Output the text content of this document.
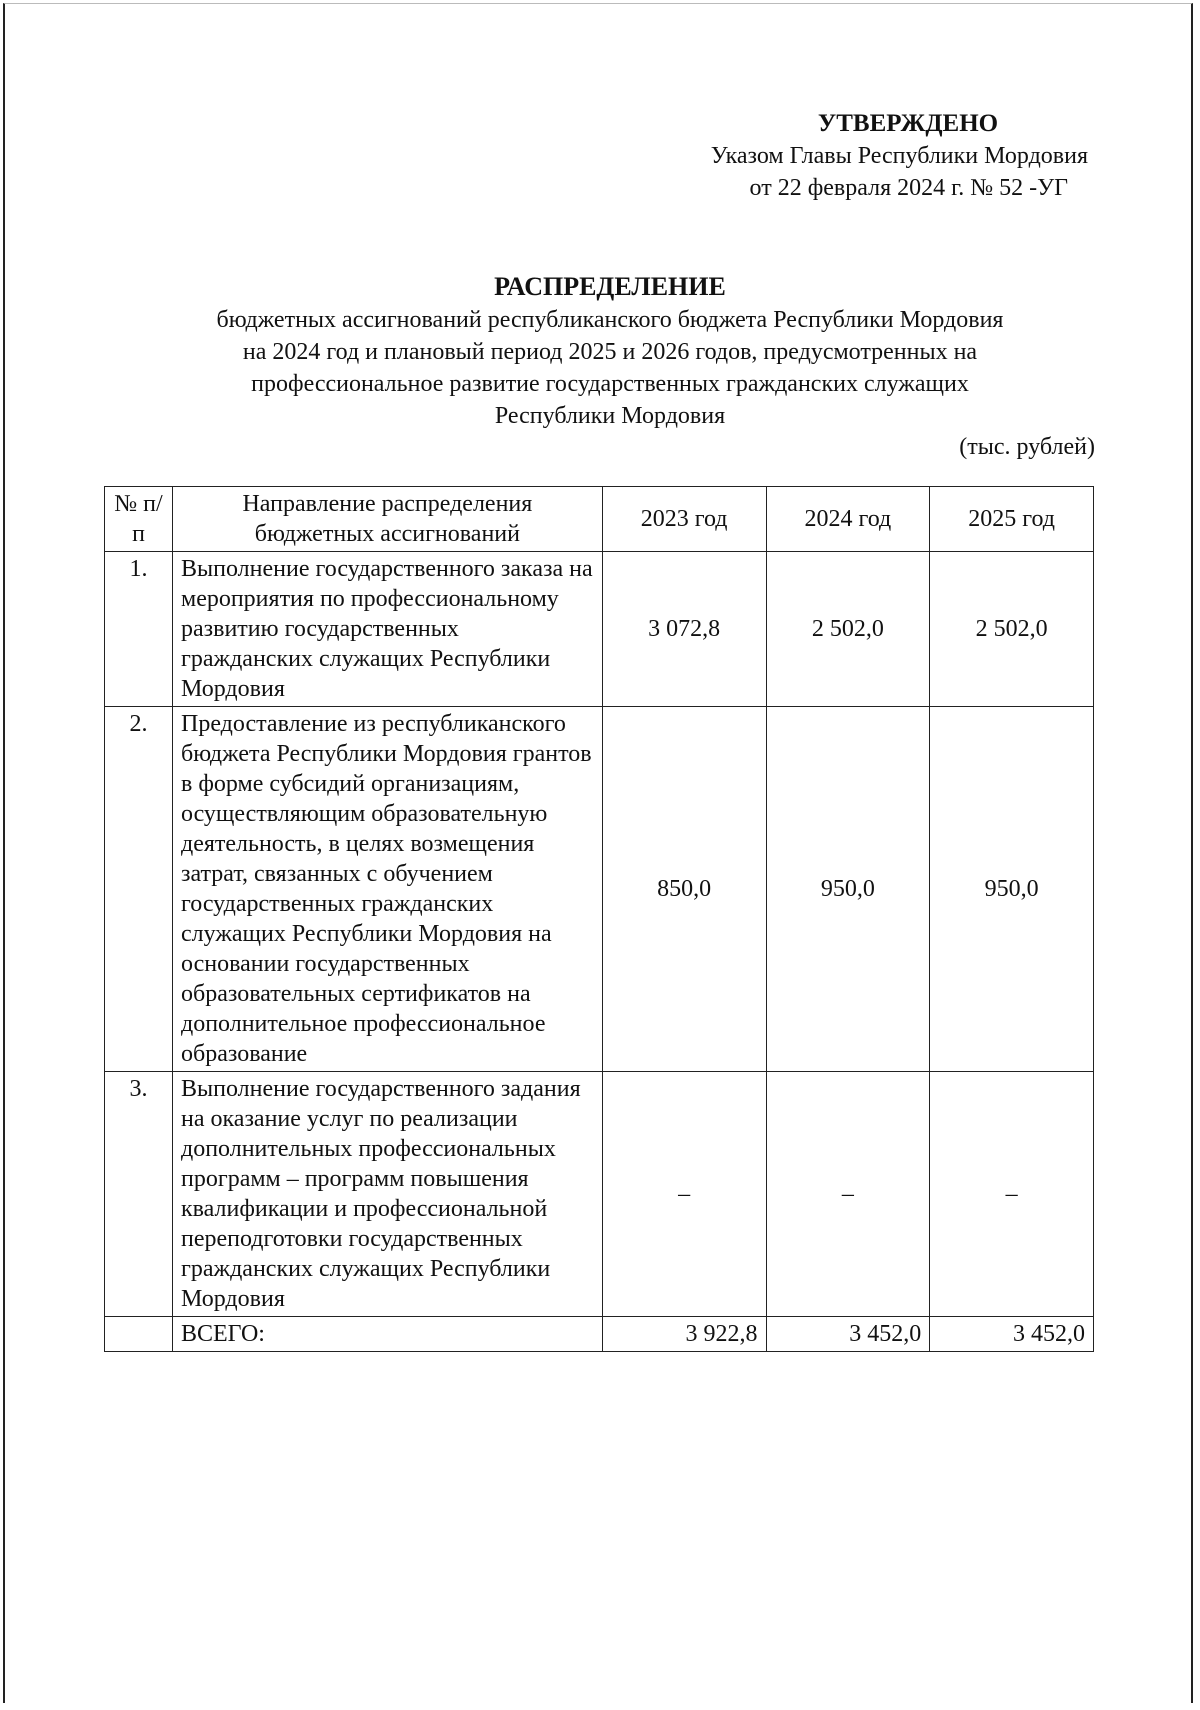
УТВЕРЖДЕНО
Указом Главы Республики Мордовия
от 22 февраля 2024 г. № 52 -УГ
РАСПРЕДЕЛЕНИЕ
бюджетных ассигнований республиканского бюджета Республики Мордовия
на 2024 год и плановый период 2025 и 2026 годов, предусмотренных на
профессиональное развитие государственных гражданских служащих
Республики Мордовия
(тыс. рублей)
№ п/п	Направление распределения бюджетных ассигнований	2023 год	2024 год	2025 год
1.	Выполнение государственного заказа на мероприятия по профессиональному развитию государственных гражданских служащих Республики Мордовия	3 072,8	2 502,0	2 502,0
2.	Предоставление из республиканского бюджета Республики Мордовия грантов в форме субсидий организациям, осуществляющим образовательную деятельность, в целях возмещения затрат, связанных с обучением государственных гражданских служащих Республики Мордовия на основании государственных образовательных сертификатов на дополнительное профессиональное образование	850,0	950,0	950,0
3.	Выполнение государственного задания на оказание услуг по реализации дополнительных профессиональных программ – программ повышения квалификации и профессиональной переподготовки государственных гражданских служащих Республики Мордовия	–	–	–
	ВСЕГО:	3 922,8	3 452,0	3 452,0
